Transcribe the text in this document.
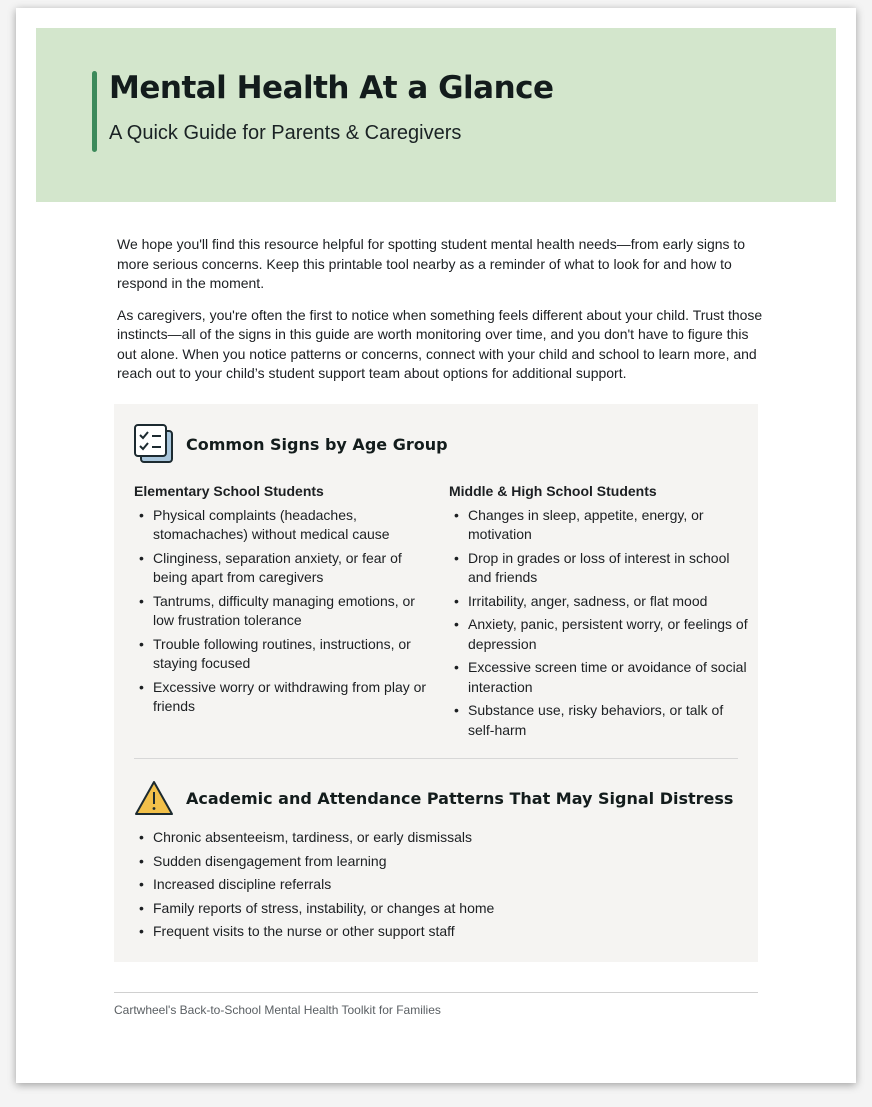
Mental Health At a Glance
A Quick Guide for Parents & Caregivers

We hope you'll find this resource helpful for spotting student mental health needs—from early signs to more serious concerns. Keep this printable tool nearby as a reminder of what to look for and how to respond in the moment.

As caregivers, you're often the first to notice when something feels different about your child. Trust those instincts—all of the signs in this guide are worth monitoring over time, and you don't have to figure this out alone. When you notice patterns or concerns, connect with your child and school to learn more, and reach out to your child’s student support team about options for additional support.

Common Signs by Age Group
Elementary School Students
• Physical complaints (headaches, stomachaches) without medical cause
• Clinginess, separation anxiety, or fear of being apart from caregivers
• Tantrums, difficulty managing emotions, or low frustration tolerance
• Trouble following routines, instructions, or staying focused
• Excessive worry or withdrawing from play or friends
Middle & High School Students
• Changes in sleep, appetite, energy, or motivation
• Drop in grades or loss of interest in school and friends
• Irritability, anger, sadness, or flat mood
• Anxiety, panic, persistent worry, or feelings of depression
• Excessive screen time or avoidance of social interaction
• Substance use, risky behaviors, or talk of self-harm
Academic and Attendance Patterns That May Signal Distress
• Chronic absenteeism, tardiness, or early dismissals
• Sudden disengagement from learning
• Increased discipline referrals
• Family reports of stress, instability, or changes at home
• Frequent visits to the nurse or other support staff
Cartwheel's Back-to-School Mental Health Toolkit for Families
